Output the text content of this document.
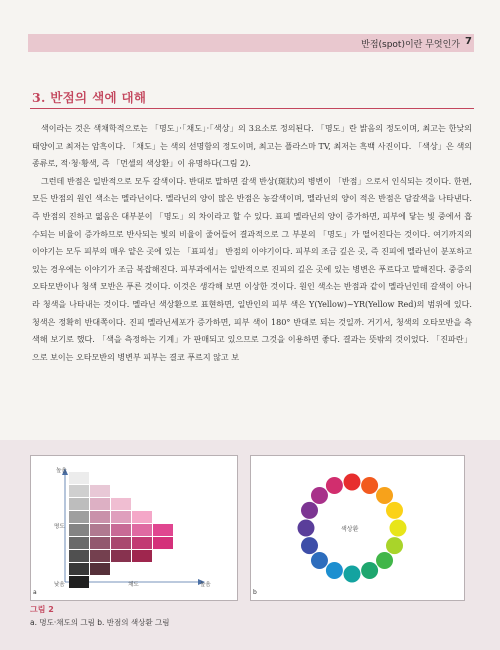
반점(spot)이란 무엇인가 7
3. 반점의 색에 대해

색이라는 것은 색채학적으로는 「명도」·「채도」·「색상」의 3요소로 정의된다. 「명도」란 밝음의 정도이며, 최고는 한낮의 태양이고 최저는 암흑이다. 「채도」는 색의 선명함의 정도이며, 최고는 플라스마 TV, 최저는 흑백 사진이다. 「색상」은 색의 종류로, 적·청·황색, 즉 「먼셀의 색상환」이 유명하다(그림 2).

그런데 반점은 일반적으로 모두 갈색이다. 반대로 말하면 갈색 반상(斑狀)의 병변이 「반점」으로서 인식되는 것이다. 한편, 모든 반점의 원인 색소는 멜라닌이다. 멜라닌의 양이 많은 반점은 농갈색이며, 멜라닌의 양이 적은 반점은 담갈색을 나타낸다. 즉 반점의 진하고 엷음은 대부분이 「명도」의 차이라고 할 수 있다. 표피 멜라닌의 양이 증가하면, 피부에 닿는 빛 중에서 흡수되는 비율이 증가하므로 반사되는 빛의 비율이 줄어들어 결과적으로 그 부분의 「명도」가 떨어진다는 것이다. 여기까지의 이야기는 모두 피부의 매우 얕은 곳에 있는 「표피성」 반점의 이야기이다. 피부의 조금 깊은 곳, 즉 진피에 멜라닌이 분포하고 있는 경우에는 이야기가 조금 복잡해진다. 피부과에서는 일반적으로 진피의 깊은 곳에 있는 병변은 푸르다고 말해진다. 중증의 오타모반이나 청색 모반은 푸른 것이다. 이것은 생각해 보면 이상한 것이다. 원인 색소는 반점과 같이 멜라닌인데 갈색이 아니라 청색을 나타내는 것이다. 멜라닌 색상환으로 표현하면, 일반인의 피부 색은 Y(Yellow)~YR(Yellow Red)의 범위에 있다. 청색은 정확히 반대쪽이다. 진피 멜라닌세포가 증가하면, 피부 색이 180° 반대로 되는 것일까. 거기서, 청색의 오타모반을 측색해 보기로 했다. 「색을 측정하는 기계」가 판매되고 있으므로 그것을 이용하면 좋다. 결과는 뜻밖의 것이었다. 「진파란」으로 보이는 오타모반의 병변부 피부는 결코 푸르지 않고 보

높음
명도
낮음	채도	높음
a
색상환
b
그림 2
a. 명도·채도의 그림 b. 반점의 색상환 그림
